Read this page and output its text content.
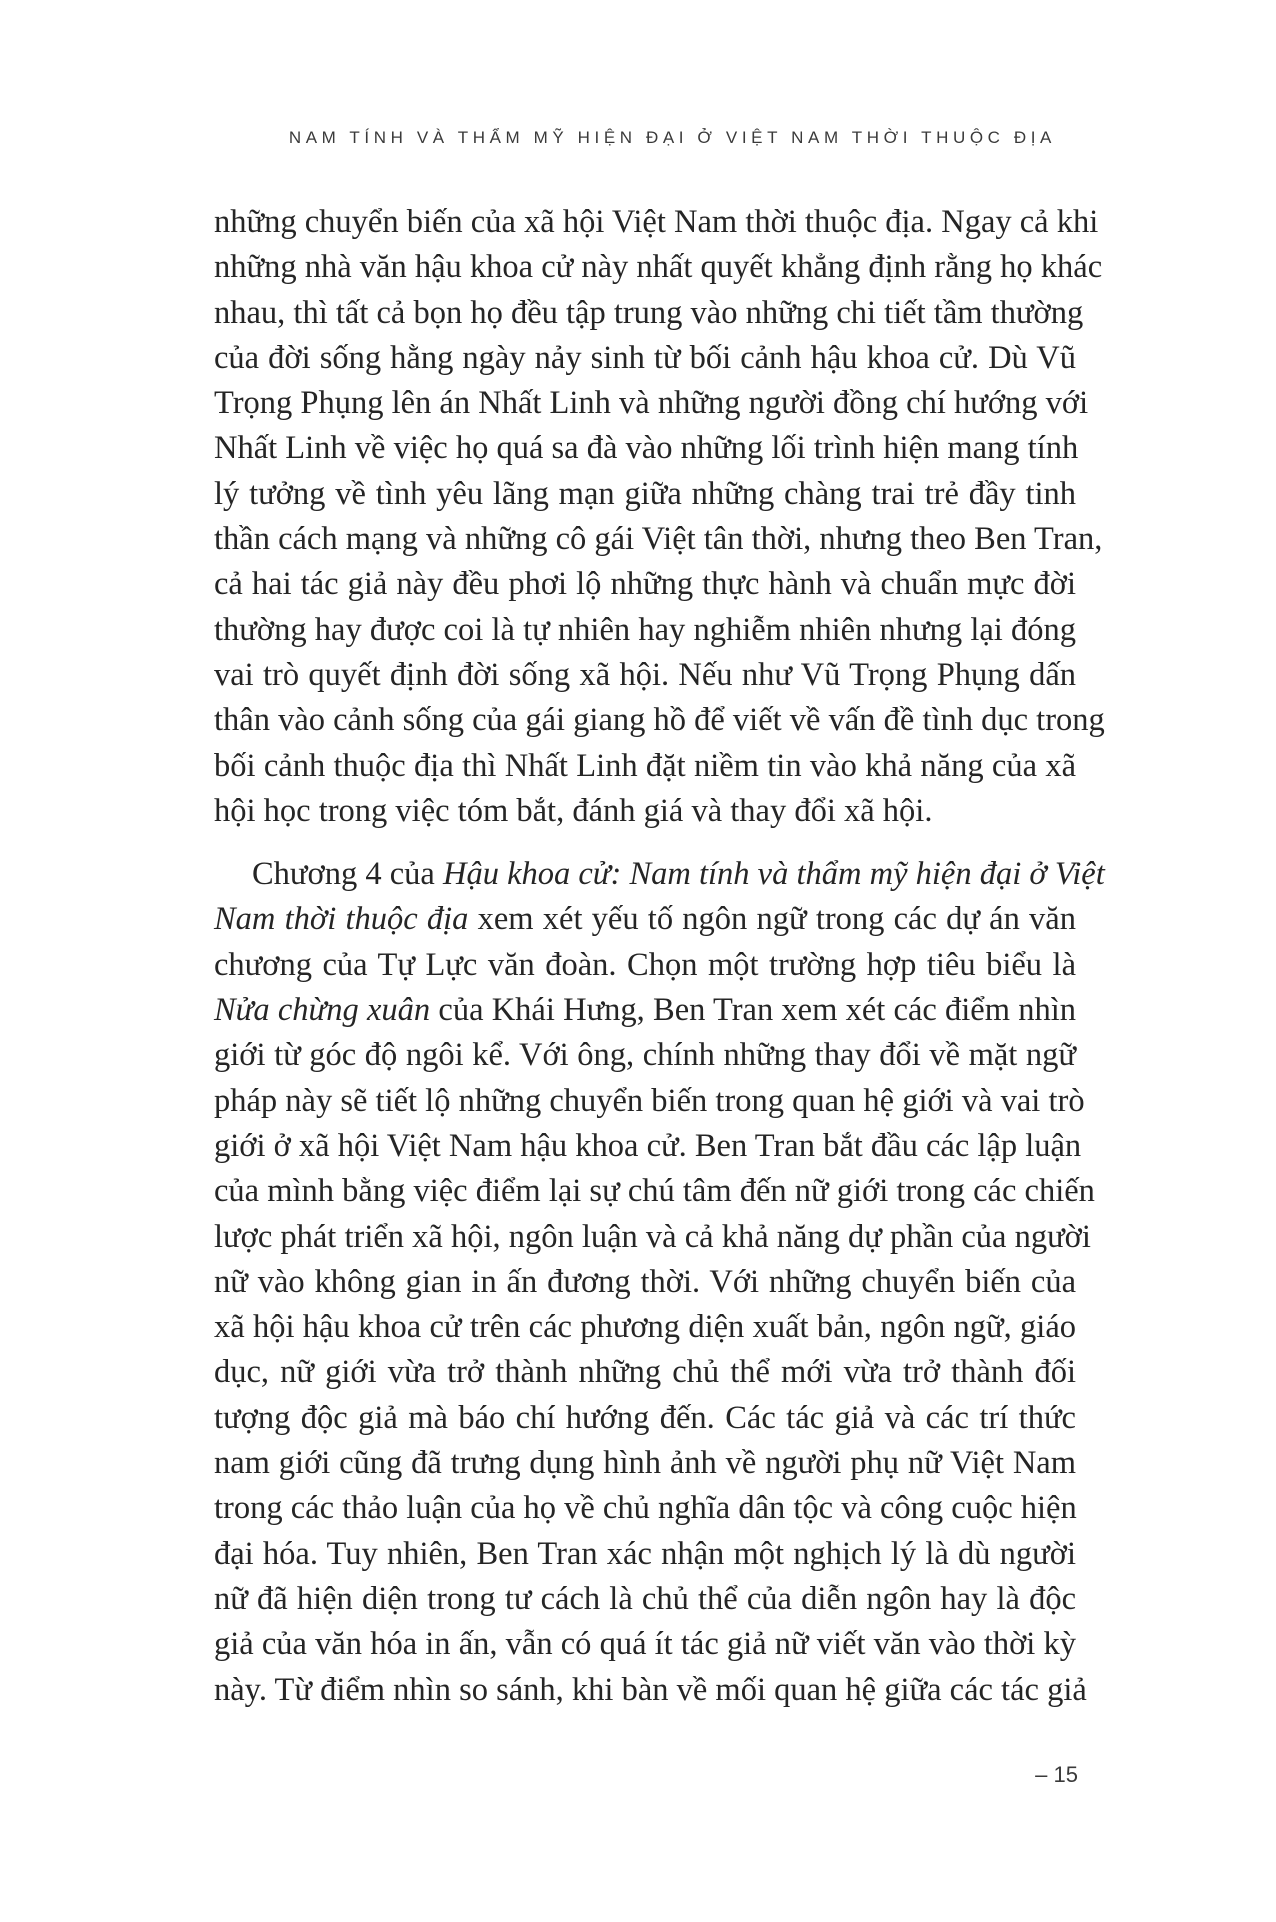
NAM TÍNH VÀ THẨM MỸ HIỆN ĐẠI Ở VIỆT NAM THỜI THUỘC ĐỊA
những chuyển biến của xã hội Việt Nam thời thuộc địa. Ngay cả khi
những nhà văn hậu khoa cử này nhất quyết khẳng định rằng họ khác
nhau, thì tất cả bọn họ đều tập trung vào những chi tiết tầm thường
của đời sống hằng ngày nảy sinh từ bối cảnh hậu khoa cử. Dù Vũ
Trọng Phụng lên án Nhất Linh và những người đồng chí hướng với
Nhất Linh về việc họ quá sa đà vào những lối trình hiện mang tính
lý tưởng về tình yêu lãng mạn giữa những chàng trai trẻ đầy tinh
thần cách mạng và những cô gái Việt tân thời, nhưng theo Ben Tran,
cả hai tác giả này đều phơi lộ những thực hành và chuẩn mực đời
thường hay được coi là tự nhiên hay nghiễm nhiên nhưng lại đóng
vai trò quyết định đời sống xã hội. Nếu như Vũ Trọng Phụng dấn
thân vào cảnh sống của gái giang hồ để viết về vấn đề tình dục trong
bối cảnh thuộc địa thì Nhất Linh đặt niềm tin vào khả năng của xã
hội học trong việc tóm bắt, đánh giá và thay đổi xã hội.
Chương 4 của Hậu khoa cử: Nam tính và thẩm mỹ hiện đại ở Việt
Nam thời thuộc địa xem xét yếu tố ngôn ngữ trong các dự án văn
chương của Tự Lực văn đoàn. Chọn một trường hợp tiêu biểu là
Nửa chừng xuân của Khái Hưng, Ben Tran xem xét các điểm nhìn
giới từ góc độ ngôi kể. Với ông, chính những thay đổi về mặt ngữ
pháp này sẽ tiết lộ những chuyển biến trong quan hệ giới và vai trò
giới ở xã hội Việt Nam hậu khoa cử. Ben Tran bắt đầu các lập luận
của mình bằng việc điểm lại sự chú tâm đến nữ giới trong các chiến
lược phát triển xã hội, ngôn luận và cả khả năng dự phần của người
nữ vào không gian in ấn đương thời. Với những chuyển biến của
xã hội hậu khoa cử trên các phương diện xuất bản, ngôn ngữ, giáo
dục, nữ giới vừa trở thành những chủ thể mới vừa trở thành đối
tượng độc giả mà báo chí hướng đến. Các tác giả và các trí thức
nam giới cũng đã trưng dụng hình ảnh về người phụ nữ Việt Nam
trong các thảo luận của họ về chủ nghĩa dân tộc và công cuộc hiện
đại hóa. Tuy nhiên, Ben Tran xác nhận một nghịch lý là dù người
nữ đã hiện diện trong tư cách là chủ thể của diễn ngôn hay là độc
giả của văn hóa in ấn, vẫn có quá ít tác giả nữ viết văn vào thời kỳ
này. Từ điểm nhìn so sánh, khi bàn về mối quan hệ giữa các tác giả
– 15
